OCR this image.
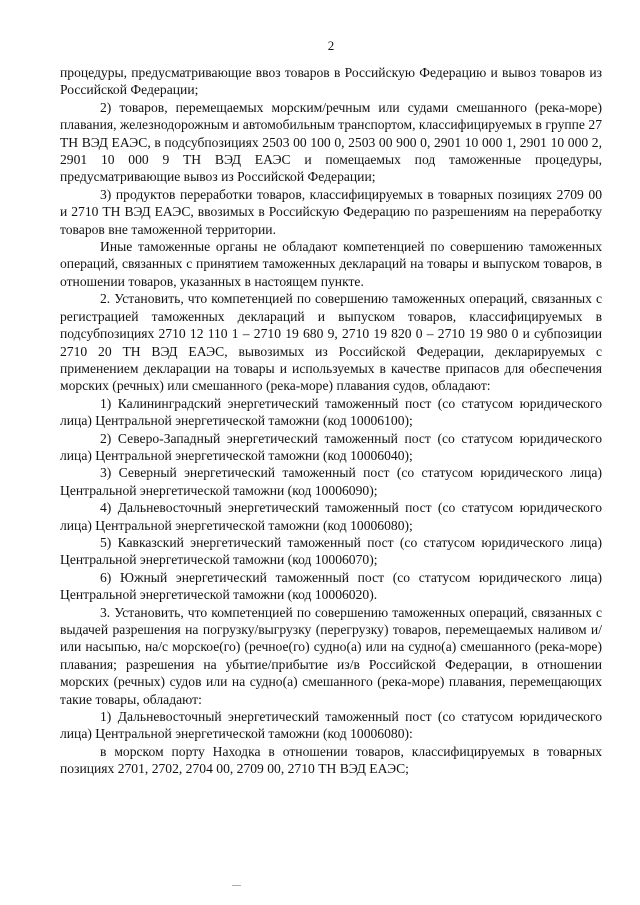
2

процедуры, предусматривающие ввоз товаров в Российскую Федерацию и вывоз товаров из Российской Федерации;

2) товаров, перемещаемых морским/речным или судами смешанного (река-море) плавания, железнодорожным и автомобильным транспортом, классифицируемых в группе 27 ТН ВЭД ЕАЭС, в подсубпозициях 2503 00 100 0, 2503 00 900 0, 2901 10 000 1, 2901 10 000 2, 2901 10 000 9 ТН ВЭД ЕАЭС и помещаемых под таможенные процедуры, предусматривающие вывоз из Российской Федерации;

3) продуктов переработки товаров, классифицируемых в товарных позициях 2709 00 и 2710 ТН ВЭД ЕАЭС, ввозимых в Российскую Федерацию по разрешениям на переработку товаров вне таможенной территории.

Иные таможенные органы не обладают компетенцией по совершению таможенных операций, связанных с принятием таможенных деклараций на товары и выпуском товаров, в отношении товаров, указанных в настоящем пункте.

2. Установить, что компетенцией по совершению таможенных операций, связанных с регистрацией таможенных деклараций и выпуском товаров, классифицируемых в подсубпозициях 2710 12 110 1 – 2710 19 680 9, 2710 19 820 0 – 2710 19 980 0 и субпозиции 2710 20 ТН ВЭД ЕАЭС, вывозимых из Российской Федерации, декларируемых с применением декларации на товары и используемых в качестве припасов для обеспечения морских (речных) или смешанного (река-море) плавания судов, обладают:

1) Калининградский энергетический таможенный пост (со статусом юридического лица) Центральной энергетической таможни (код 10006100);

2) Северо-Западный энергетический таможенный пост (со статусом юридического лица) Центральной энергетической таможни (код 10006040);

3) Северный энергетический таможенный пост (со статусом юридического лица) Центральной энергетической таможни (код 10006090);

4) Дальневосточный энергетический таможенный пост (со статусом юридического лица) Центральной энергетической таможни (код 10006080);

5) Кавказский энергетический таможенный пост (со статусом юридического лица) Центральной энергетической таможни (код 10006070);

6) Южный энергетический таможенный пост (со статусом юридического лица) Центральной энергетической таможни (код 10006020).

3. Установить, что компетенцией по совершению таможенных операций, связанных с выдачей разрешения на погрузку/выгрузку (перегрузку) товаров, перемещаемых наливом и/или насыпью, на/с морское(го) (речное(го) судно(а) или на судно(а) смешанного (река-море) плавания; разрешения на убытие/прибытие из/в Российской Федерации, в отношении морских (речных) судов или на судно(а) смешанного (река-море) плавания, перемещающих такие товары, обладают:

1) Дальневосточный энергетический таможенный пост (со статусом юридического лица) Центральной энергетической таможни (код 10006080):

в морском порту Находка в отношении товаров, классифицируемых в товарных позициях 2701, 2702, 2704 00, 2709 00, 2710 ТН ВЭД ЕАЭС;

—
